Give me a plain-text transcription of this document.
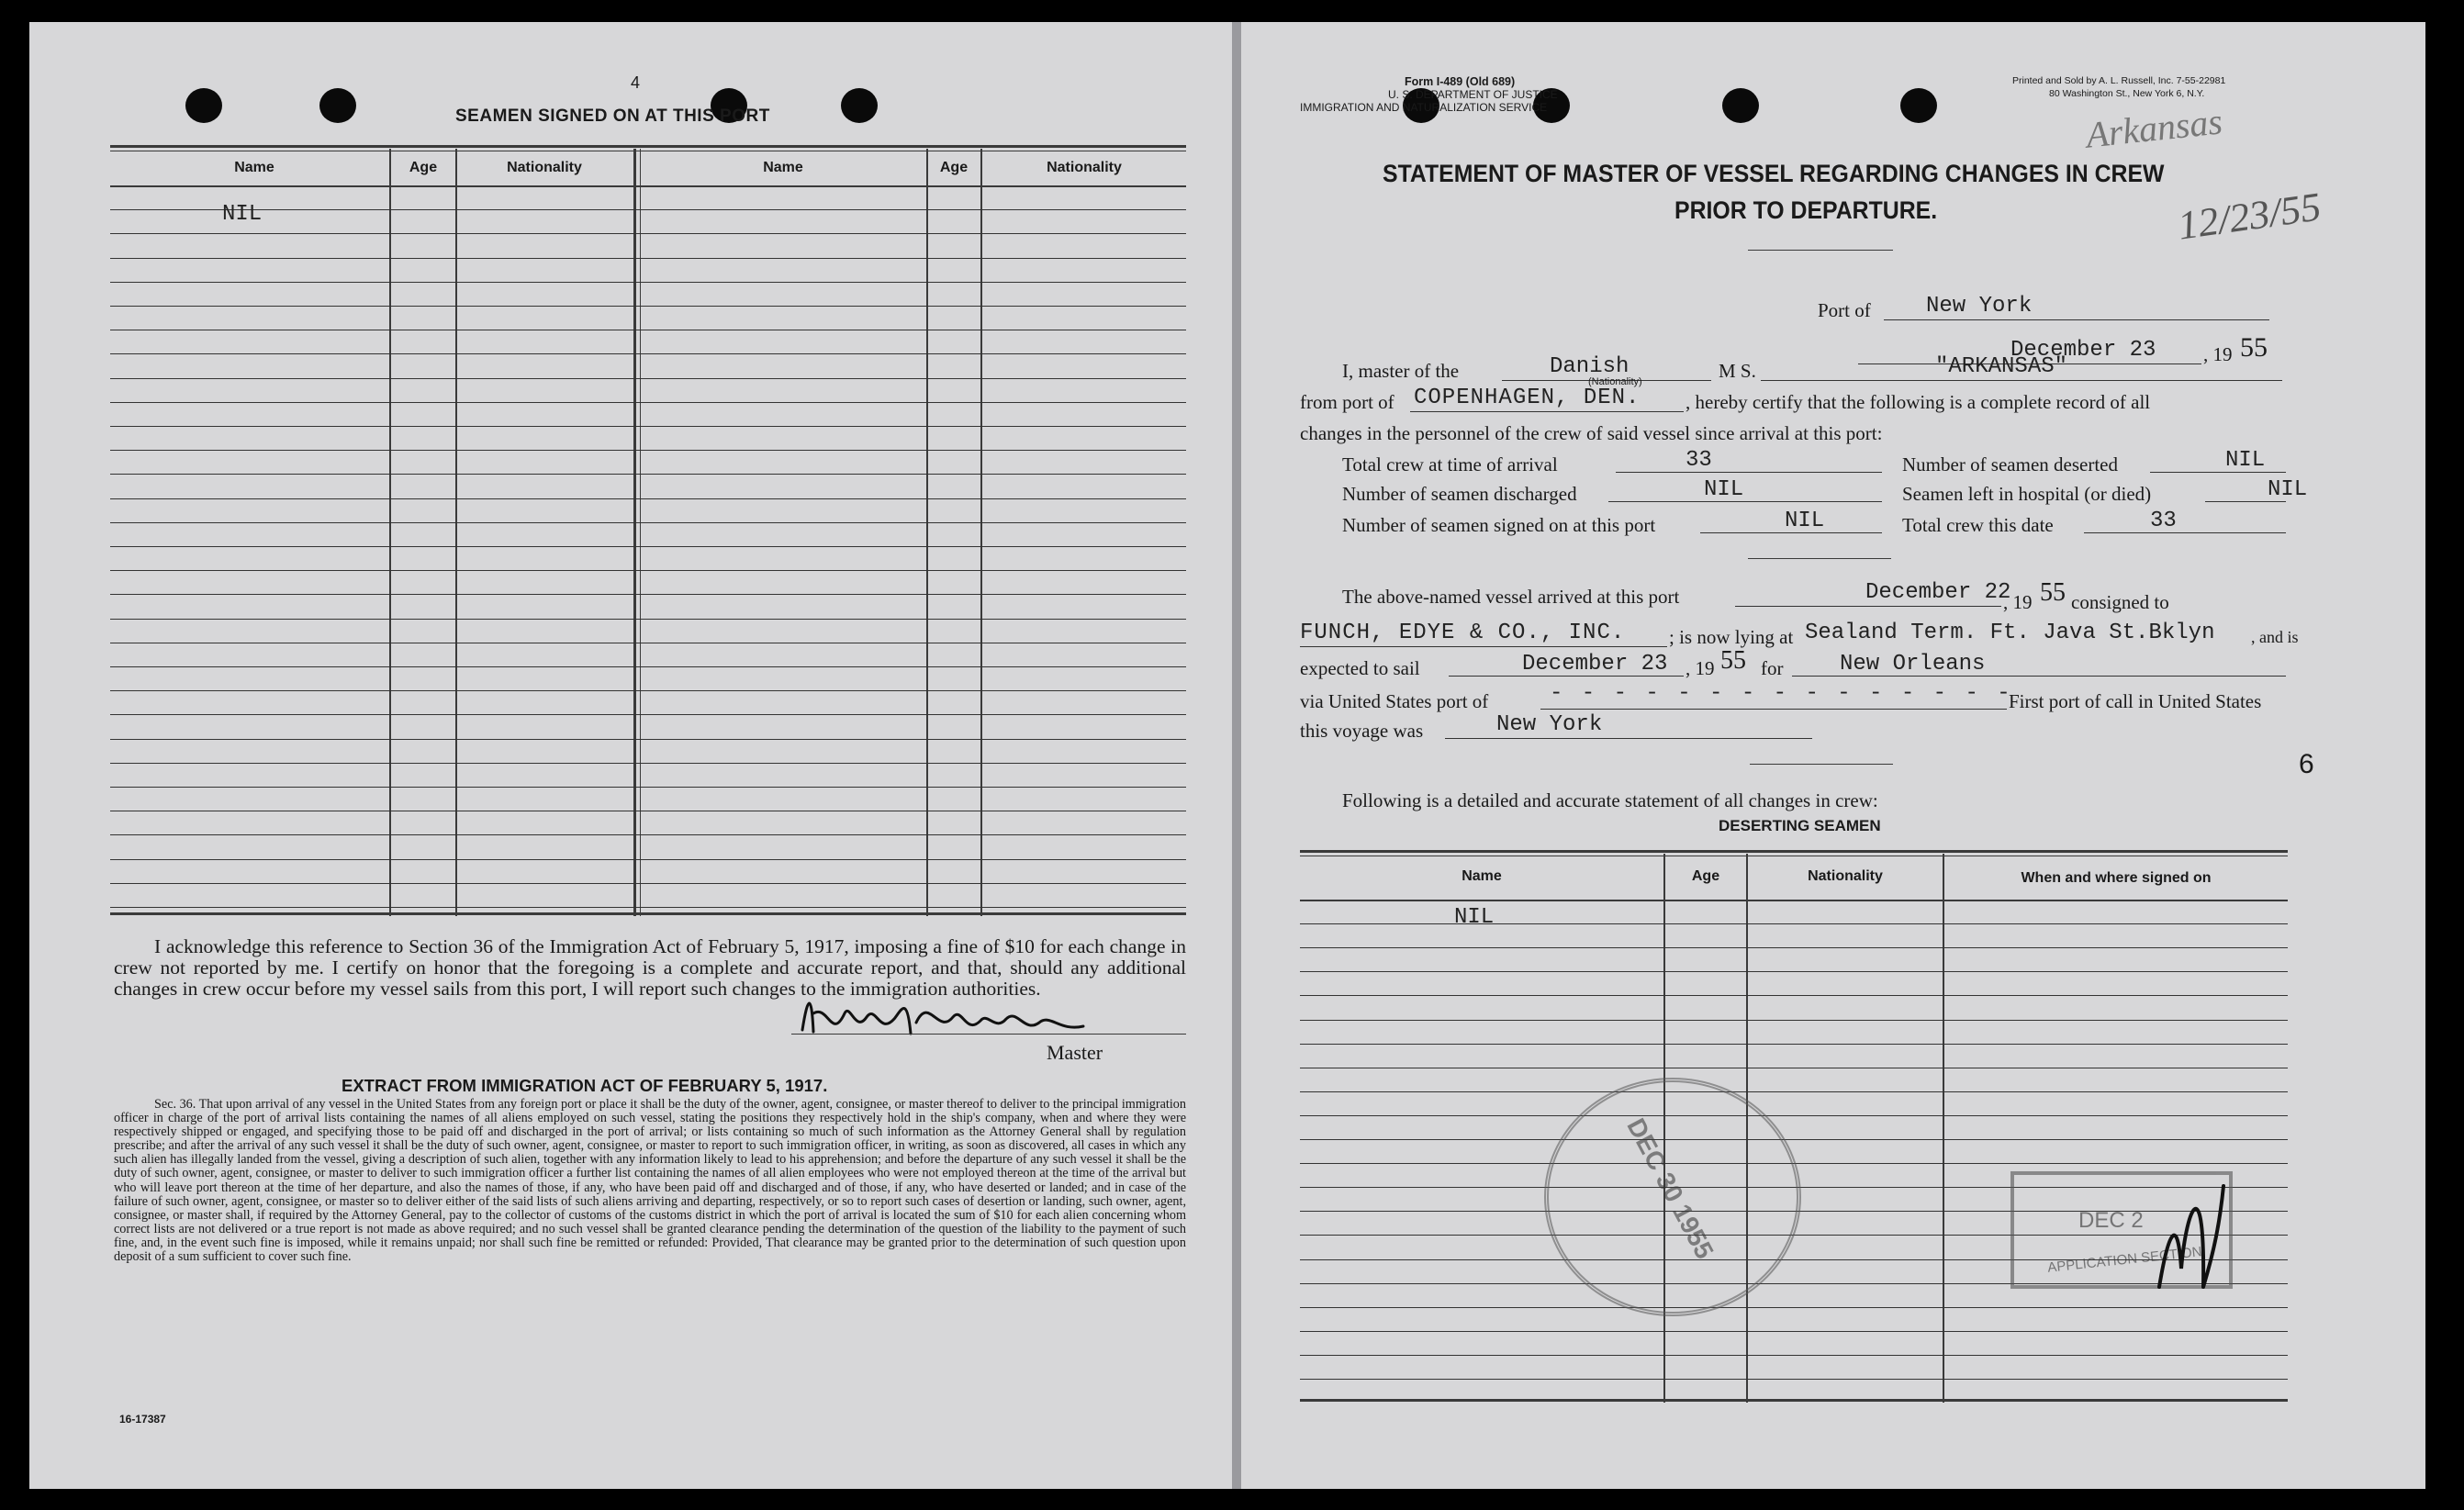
4
SEAMEN SIGNED ON AT THIS PORT
Name	Age	Nationality	Name	Age	Nationality
NIL
I acknowledge this reference to Section 36 of the Immigration Act of February 5, 1917, imposing a fine of $10 for each change in crew not reported by me. I certify on honor that the foregoing is a complete and accurate report, and that, should any additional changes in crew occur before my vessel sails from this port, I will report such changes to the immigration authorities.
Master
EXTRACT FROM IMMIGRATION ACT OF FEBRUARY 5, 1917.
Sec. 36. That upon arrival of any vessel in the United States from any foreign port or place it shall be the duty of the owner, agent, consignee, or master thereof to deliver to the principal immigration officer in charge of the port of arrival lists containing the names of all aliens employed on such vessel, stating the positions they respectively hold in the ship's company, when and where they were respectively shipped or engaged, and specifying those to be paid off and discharged in the port of arrival; or lists containing so much of such information as the Attorney General shall by regulation prescribe; and after the arrival of any such vessel it shall be the duty of such owner, agent, consignee, or master to report to such immigration officer, in writing, as soon as discovered, all cases in which any such alien has illegally landed from the vessel, giving a description of such alien, together with any information likely to lead to his apprehension; and before the departure of any such vessel it shall be the duty of such owner, agent, consignee, or master to deliver to such immigration officer a further list containing the names of all alien employees who were not employed thereon at the time of the arrival but who will leave port thereon at the time of her departure, and also the names of those, if any, who have been paid off and discharged and of those, if any, who have deserted or landed; and in case of the failure of such owner, agent, consignee, or master so to deliver either of the said lists of such aliens arriving and departing, respectively, or so to report such cases of desertion or landing, such owner, agent, consignee, or master shall, if required by the Attorney General, pay to the collector of customs of the customs district in which the port of arrival is located the sum of $10 for each alien concerning whom correct lists are not delivered or a true report is not made as above required; and no such vessel shall be granted clearance pending the determination of the question of the liability to the payment of such fine, and, in the event such fine is imposed, while it remains unpaid; nor shall such fine be remitted or refunded: Provided, That clearance may be granted prior to the determination of such question upon deposit of a sum sufficient to cover such fine.
16-17387
Form I-489 (Old 689)
U. S. DEPARTMENT OF JUSTICE
IMMIGRATION AND NATURALIZATION SERVICE
Printed and Sold by A. L. Russell, Inc. 7-55-22981
80 Washington St., New York 6, N.Y.
Arkansas
12/23/55
STATEMENT OF MASTER OF VESSEL REGARDING CHANGES IN CREW
PRIOR TO DEPARTURE.
Port of	New York
December 23 , 19 55
I, master of the	Danish	M S.	"ARKANSAS"
from port of COPENHAGEN, DEN.
(Nationality)
, hereby certify that the following is a complete record of all
changes in the personnel of the crew of said vessel since arrival at this port:
Total crew at time of arrival	33	Number of seamen deserted	NIL
Number of seamen discharged	NIL	Seamen left in hospital (or died)	NIL
Number of seamen signed on at this port	NIL	Total crew this date	33
The above-named vessel arrived at this port	December 22
, 19 55 consigned to
FUNCH, EDYE & CO., INC. ; is now lying at Sealand Term. Ft. Java St.Bklyn , and is
expected to sail	December 23 , 19 55 for	New Orleans
via United States port of	- - - - - - - - - - - - - - -
First port of call in United States
this voyage was	New York
6
Following is a detailed and accurate statement of all changes in crew:
DESERTING SEAMEN
Name	Age	Nationality	When and where signed on
NIL
DEC 30 1955	DEC 2
APPLICATION SECTION
